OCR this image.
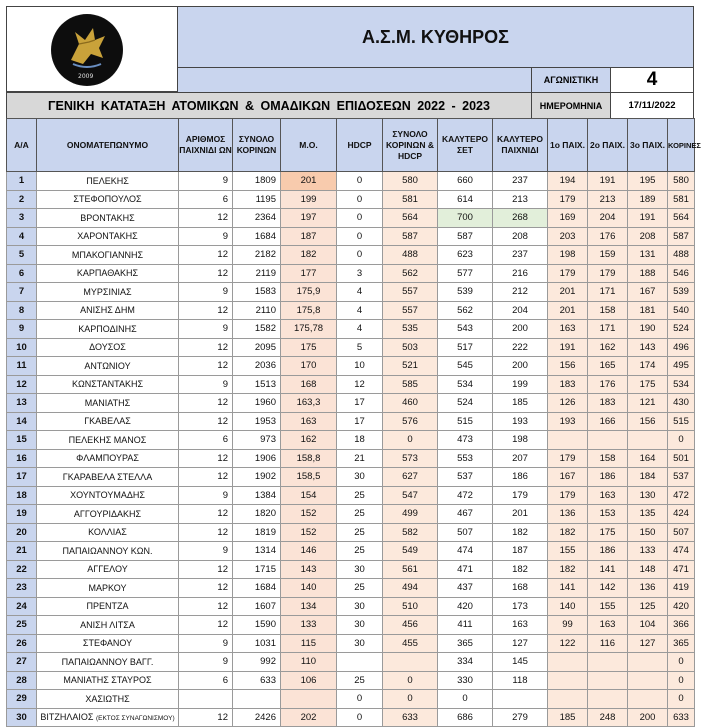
2009
Α.Σ.Μ. ΚΥΘΗΡΟΣ
ΑΓΩΝΙΣΤΙΚΗ	4
ΓΕΝΙΚΗ ΚΑΤΑΤΑΞΗ ΑΤΟΜΙΚΩΝ & ΟΜΑΔΙΚΩΝ ΕΠΙΔΟΣΕΩΝ 2022 - 2023	ΗΜΕΡΟΜΗΝΙΑ	17/11/2022
Α/Α	ΟΝΟΜΑΤΕΠΩΝΥΜΟ	ΑΡΙΘΜΟΣ ΠΑΙΧΝΙΔΙ ΩΝ	ΣΥΝΟΛΟ ΚΟΡΙΝΩΝ	Μ.Ο.	HDCP	ΣΥΝΟΛΟ ΚΟΡΙΝΩΝ & HDCP	ΚΑΛΥΤΕΡΟ ΣΕΤ	ΚΑΛΥΤΕΡΟ ΠΑΙΧΝΙΔΙ	1ο ΠΑΙΧ.	2ο ΠΑΙΧ.	3ο ΠΑΙΧ.	ΚΟΡΙΝΕΣ
1	ΠΕΛΕΚΗΣ	9	1809	201	0	580	660	237	194	191	195	580
2	ΣΤΕΦΟΠΟΥΛΟΣ	6	1195	199	0	581	614	213	179	213	189	581
3	ΒΡΟΝΤΑΚΗΣ	12	2364	197	0	564	700	268	169	204	191	564
4	ΧΑΡΟΝΤΑΚΗΣ	9	1684	187	0	587	587	208	203	176	208	587
5	ΜΠΑΚΟΓΙΑΝΝΗΣ	12	2182	182	0	488	623	237	198	159	131	488
6	ΚΑΡΠΑΘΑΚΗΣ	12	2119	177	3	562	577	216	179	179	188	546
7	ΜΥΡΣΙΝΙΑΣ	9	1583	175,9	4	557	539	212	201	171	167	539
8	ΑΝΙΣΗΣ ΔΗΜ	12	2110	175,8	4	557	562	204	201	158	181	540
9	ΚΑΡΠΟΔΙΝΗΣ	9	1582	175,78	4	535	543	200	163	171	190	524
10	ΔΟΥΣΟΣ	12	2095	175	5	503	517	222	191	162	143	496
11	ΑΝΤΩΝΙΟΥ	12	2036	170	10	521	545	200	156	165	174	495
12	ΚΩΝΣΤΑΝΤΑΚΗΣ	9	1513	168	12	585	534	199	183	176	175	534
13	ΜΑΝΙΑΤΗΣ	12	1960	163,3	17	460	524	185	126	183	121	430
14	ΓΚΑΒΕΛΑΣ	12	1953	163	17	576	515	193	193	166	156	515
15	ΠΕΛΕΚΗΣ ΜΑΝΟΣ	6	973	162	18	0	473	198				0
16	ΦΛΑΜΠΟΥΡΑΣ	12	1906	158,8	21	573	553	207	179	158	164	501
17	ΓΚΑΡΑΒΕΛΑ ΣΤΕΛΛΑ	12	1902	158,5	30	627	537	186	167	186	184	537
18	ΧΟΥΝΤΟΥΜΑΔΗΣ	9	1384	154	25	547	472	179	179	163	130	472
19	ΑΓΓΟΥΡΙΔΑΚΗΣ	12	1820	152	25	499	467	201	136	153	135	424
20	ΚΟΛΛΙΑΣ	12	1819	152	25	582	507	182	182	175	150	507
21	ΠΑΠΑΙΩΑΝΝΟΥ ΚΩΝ.	9	1314	146	25	549	474	187	155	186	133	474
22	ΑΓΓΕΛΟΥ	12	1715	143	30	561	471	182	182	141	148	471
23	ΜΑΡΚΟΥ	12	1684	140	25	494	437	168	141	142	136	419
24	ΠΡΕΝΤΖΑ	12	1607	134	30	510	420	173	140	155	125	420
25	ΑΝΙΣΗ ΛΙΤΣΑ	12	1590	133	30	456	411	163	99	163	104	366
26	ΣΤΕΦΑΝΟΥ	9	1031	115	30	455	365	127	122	116	127	365
27	ΠΑΠΑΙΩΑΝΝΟΥ ΒΑΓΓ.	9	992	110			334	145				0
28	ΜΑΝΙΑΤΗΣ ΣΤΑΥΡΟΣ	6	633	106	25	0	330	118				0
29	ΧΑΣΙΩΤΗΣ				0	0	0					0
30	ΒΙΤΖΗΛΑΙΟΣ (ΕΚΤΟΣ ΣΥΝΑΓΩΝΙΣΜΟΥ)	12	2426	202	0	633	686	279	185	248	200	633
